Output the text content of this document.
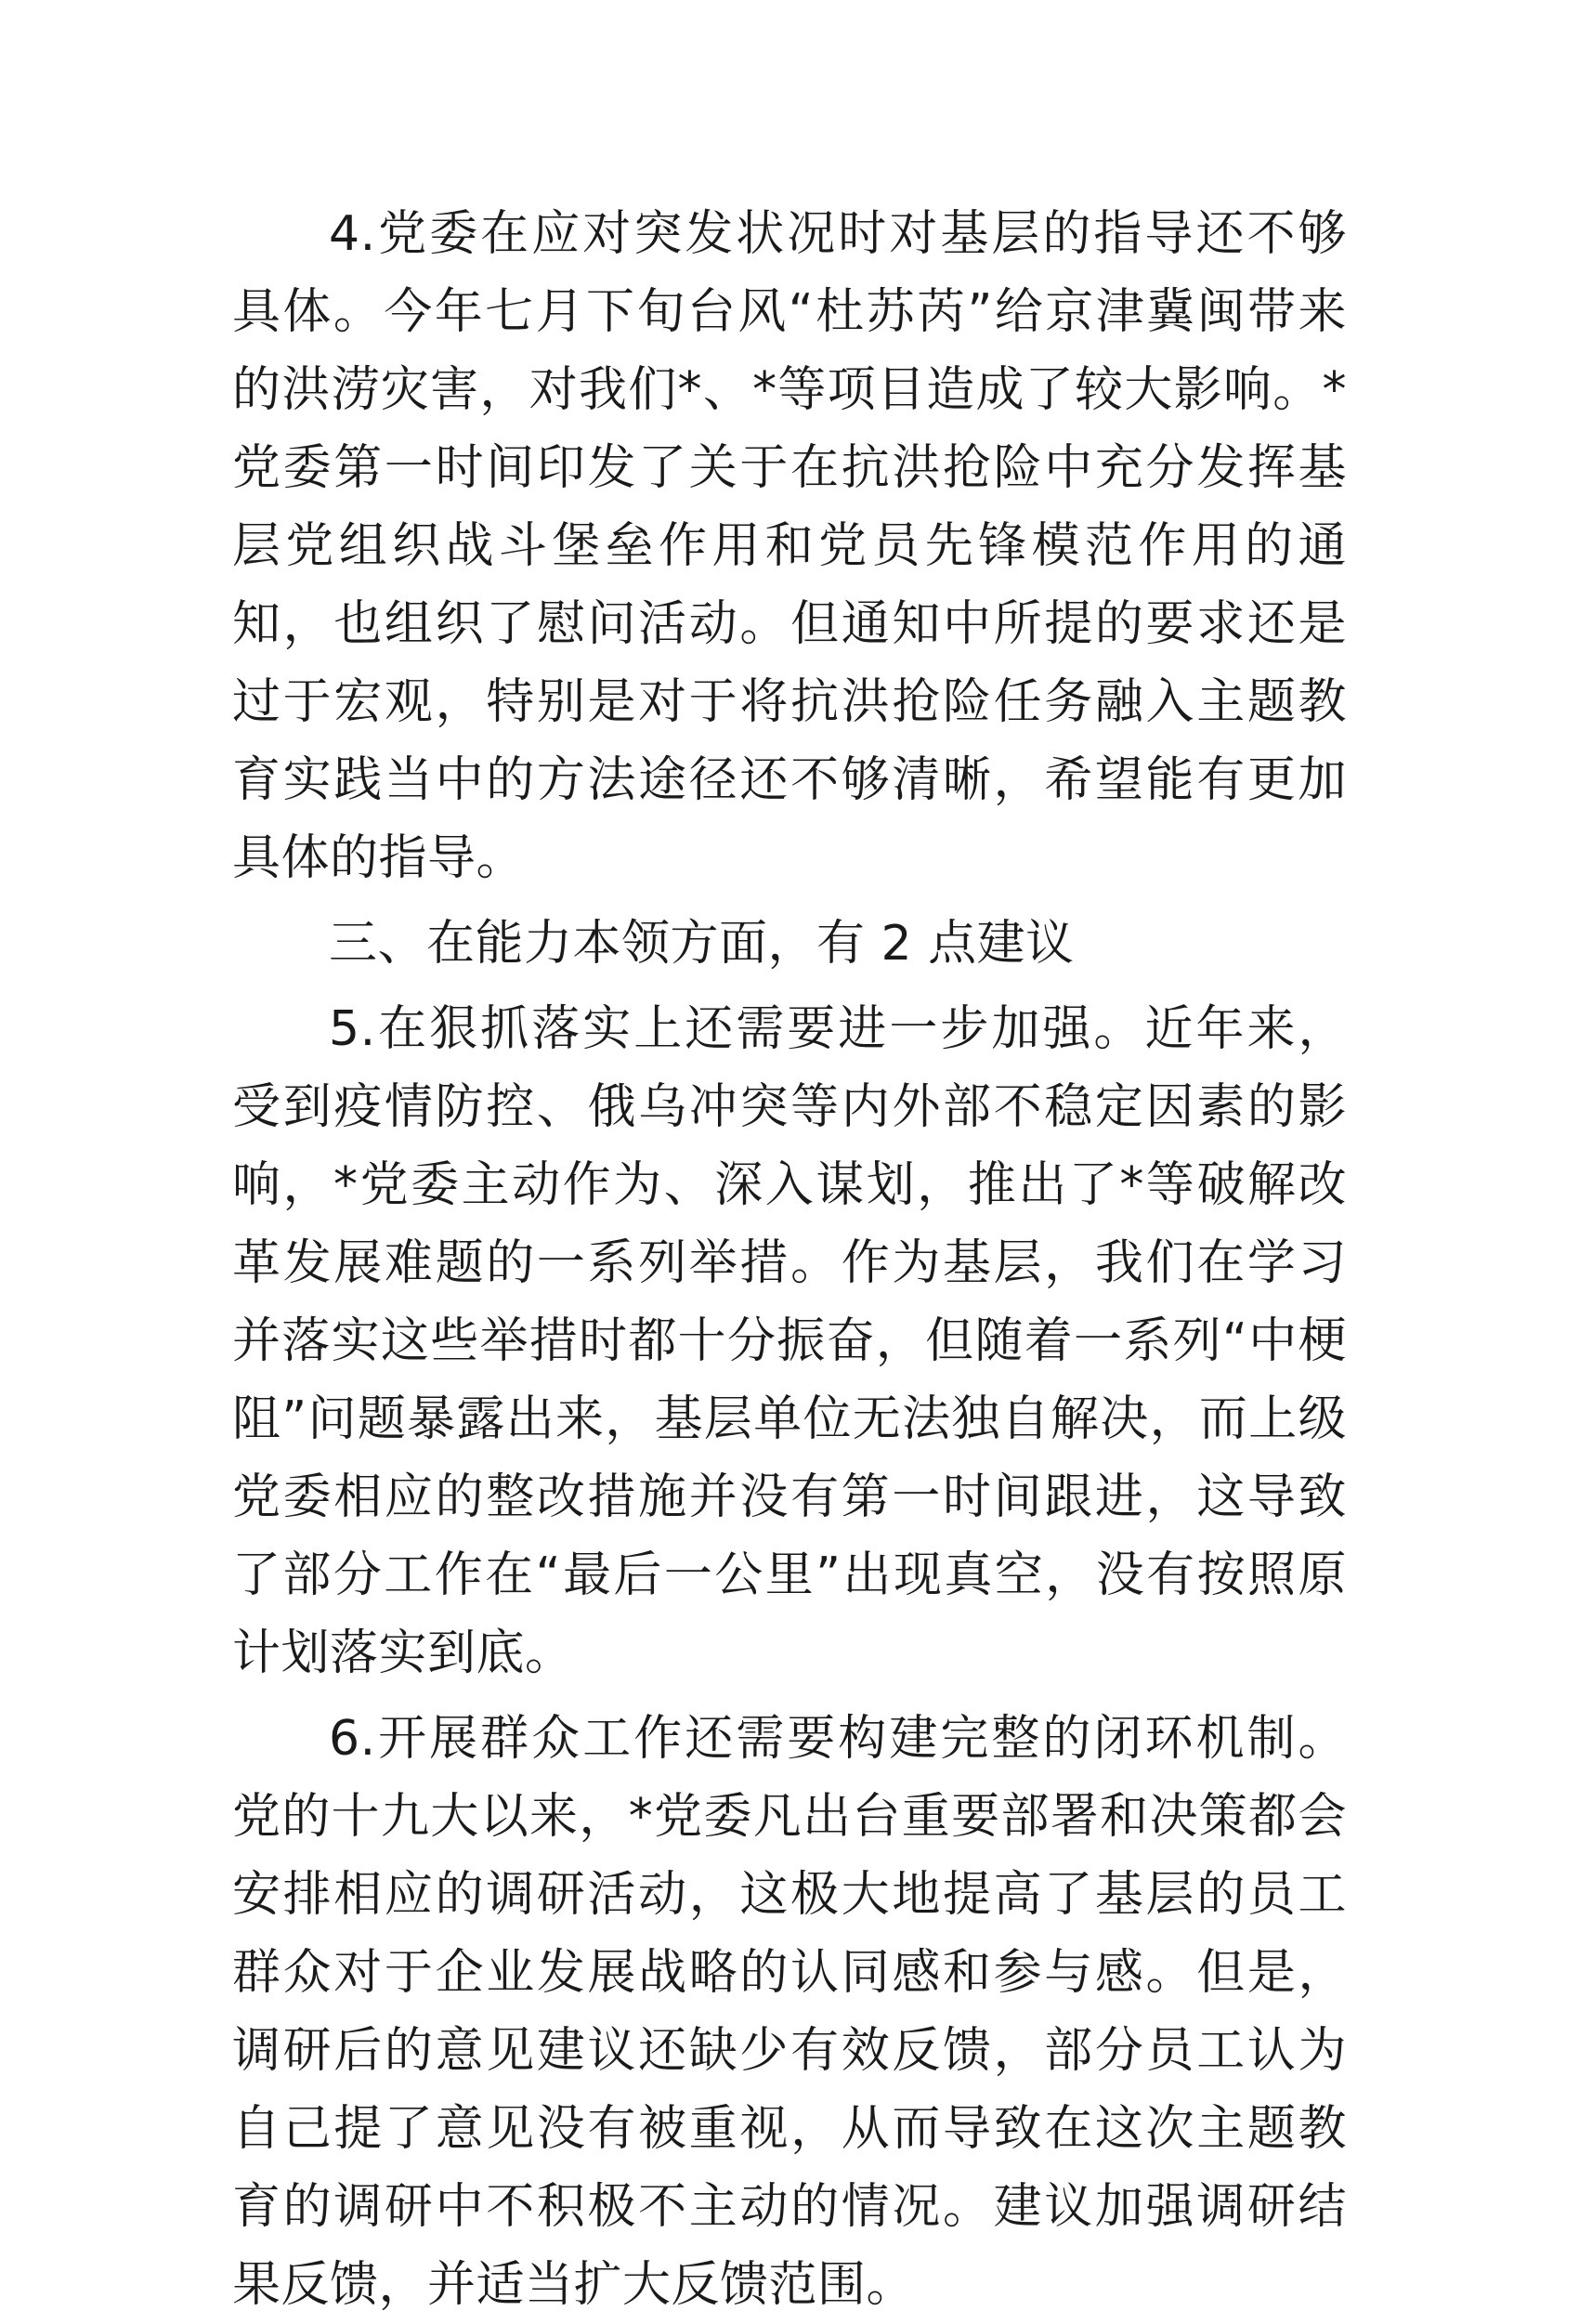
4.党委在应对突发状况时对基层的指导还不够具体。今年七月下旬台风“杜苏芮”给京津冀闽带来的洪涝灾害，对我们*、*等项目造成了较大影响。*党委第一时间印发了关于在抗洪抢险中充分发挥基层党组织战斗堡垒作用和党员先锋模范作用的通知，也组织了慰问活动。但通知中所提的要求还是过于宏观，特别是对于将抗洪抢险任务融入主题教育实践当中的方法途径还不够清晰，希望能有更加具体的指导。

三、在能力本领方面，有 2 点建议

5.在狠抓落实上还需要进一步加强。近年来，受到疫情防控、俄乌冲突等内外部不稳定因素的影响，*党委主动作为、深入谋划，推出了*等破解改革发展难题的一系列举措。作为基层，我们在学习并落实这些举措时都十分振奋，但随着一系列“中梗阻”问题暴露出来，基层单位无法独自解决，而上级党委相应的整改措施并没有第一时间跟进，这导致了部分工作在“最后一公里”出现真空，没有按照原计划落实到底。

6.开展群众工作还需要构建完整的闭环机制。党的十九大以来，*党委凡出台重要部署和决策都会安排相应的调研活动，这极大地提高了基层的员工群众对于企业发展战略的认同感和参与感。但是，调研后的意见建议还缺少有效反馈，部分员工认为自己提了意见没有被重视，从而导致在这次主题教育的调研中不积极不主动的情况。建议加强调研结果反馈，并适当扩大反馈范围。
